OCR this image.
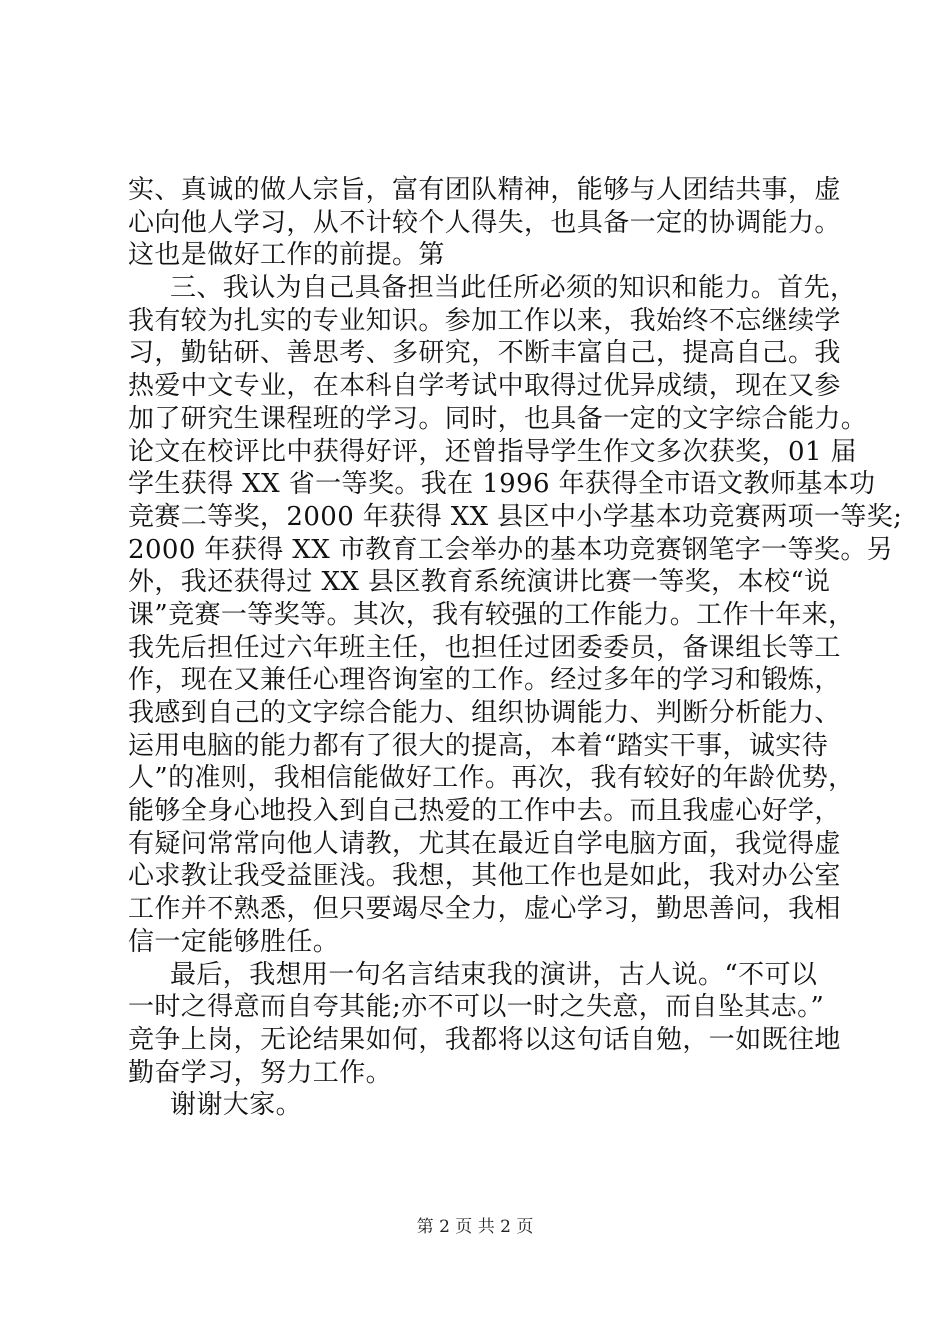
实、真诚的做人宗旨，富有团队精神，能够与人团结共事，虚
心向他人学习，从不计较个人得失，也具备一定的协调能力。
这也是做好工作的前提。第
三、我认为自己具备担当此任所必须的知识和能力。首先，
我有较为扎实的专业知识。参加工作以来，我始终不忘继续学
习，勤钻研、善思考、多研究，不断丰富自己，提高自己。我
热爱中文专业，在本科自学考试中取得过优异成绩，现在又参
加了研究生课程班的学习。同时，也具备一定的文字综合能力。
论文在校评比中获得好评，还曾指导学生作文多次获奖，01 届
学生获得 XX 省一等奖。我在 1996 年获得全市语文教师基本功
竞赛二等奖，2000 年获得 XX 县区中小学基本功竞赛两项一等奖;
2000 年获得 XX 市教育工会举办的基本功竞赛钢笔字一等奖。另
外，我还获得过 XX 县区教育系统演讲比赛一等奖，本校“说
课”竞赛一等奖等。其次，我有较强的工作能力。工作十年来，
我先后担任过六年班主任，也担任过团委委员，备课组长等工
作，现在又兼任心理咨询室的工作。经过多年的学习和锻炼，
我感到自己的文字综合能力、组织协调能力、判断分析能力、
运用电脑的能力都有了很大的提高，本着“踏实干事，诚实待
人”的准则，我相信能做好工作。再次，我有较好的年龄优势，
能够全身心地投入到自己热爱的工作中去。而且我虚心好学，
有疑问常常向他人请教，尤其在最近自学电脑方面，我觉得虚
心求教让我受益匪浅。我想，其他工作也是如此，我对办公室
工作并不熟悉，但只要竭尽全力，虚心学习，勤思善问，我相
信一定能够胜任。
最后，我想用一句名言结束我的演讲，古人说。“不可以
一时之得意而自夸其能;亦不可以一时之失意，而自坠其志。”
竞争上岗，无论结果如何，我都将以这句话自勉，一如既往地
勤奋学习，努力工作。
谢谢大家。
第 2 页 共 2 页
